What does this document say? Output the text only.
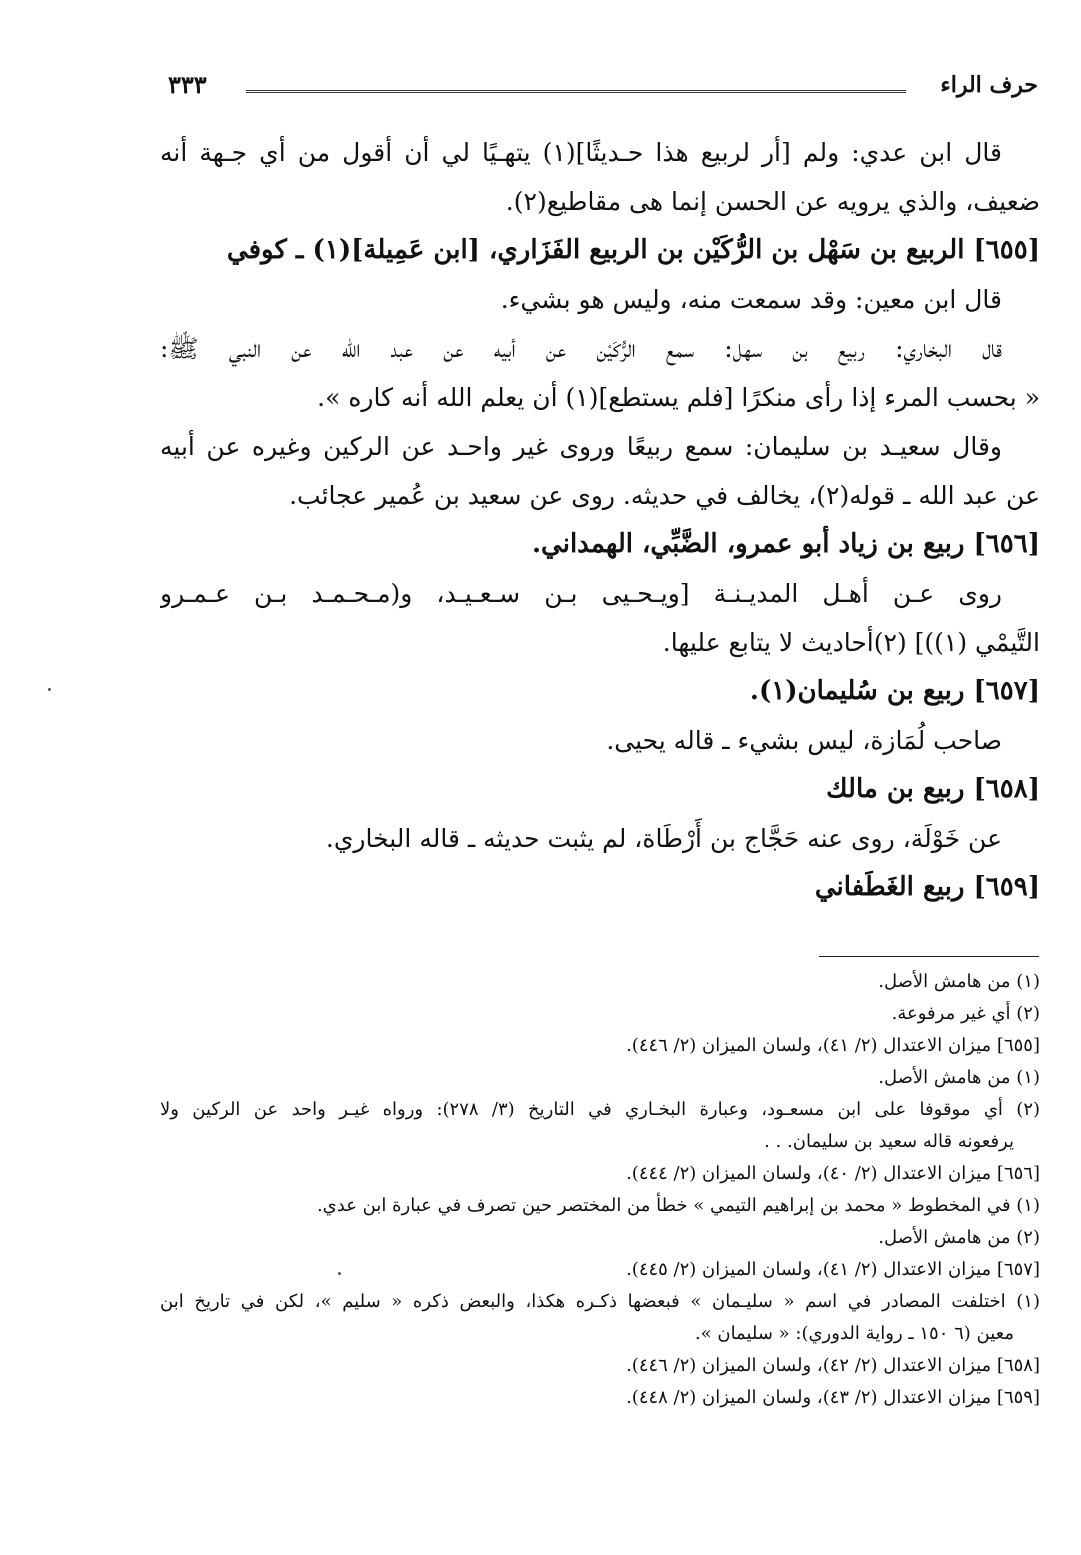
حرف الراء
٣٣٣
قال ابن عدي: ولم [أر لربيع هذا حـديثًا](١) يتهـيًا لي أن أقول من أي جـهة أنه
ضعيف، والذي يرويه عن الحسن إنما هى مقاطيع(٢).
[٦٥٥] الربيع بن سَهْل بن الرُّكَيْن بن الربيع الفَزَاري، [ابن عَمِيلة](١) ـ كوفي
قال ابن معين: وقد سمعت منه، وليس هو بشيء.
قال البخاري: ربيع بن سهل: سمع الرُّكَيْن عن أبيه عن عبد الله عن النبي ﷺ:
« بحسب المرء إذا رأى منكرًا [فلم يستطع](١) أن يعلم الله أنه كاره ».
وقال سعيـد بن سليمان: سمع ربيعًا وروى غير واحـد عن الركين وغيره عن أبيه
عن عبد الله ـ قوله(٢)، يخالف في حديثه. روى عن سعيد بن عُمير عجائب.
[٦٥٦] ربيع بن زياد أبو عمرو، الضَّبِّي، الهمداني.
روى عـن أهـل المديـنـة [ويـحـيى بـن سـعـيـد، و(مـحـمـد بـن عـمـرو
التَّيمْي (١))] (٢)أحاديث لا يتابع عليها.
[٦٥٧] ربيع بن سُليمان(١).
صاحب لُمَازة، ليس بشيء ـ قاله يحيى.
[٦٥٨] ربيع بن مالك
عن خَوْلَة، روى عنه حَجَّاج بن أَرْطَاة، لم يثبت حديثه ـ قاله البخاري.
[٦٥٩] ربيع الغَطَفاني
(١) من هامش الأصل.
(٢) أي غير مرفوعة.
[٦٥٥] ميزان الاعتدال (٢/ ٤١)، ولسان الميزان (٢/ ٤٤٦).
(١) من هامش الأصل.
(٢) أي موقوفا على ابن مسعـود، وعبارة البخـاري في التاريخ (٣/ ٢٧٨): ورواه غيـر واحد عن الركين ولا
يرفعونه قاله سعيد بن سليمان. . .
[٦٥٦] ميزان الاعتدال (٢/ ٤٠)، ولسان الميزان (٢/ ٤٤٤).
(١) في المخطوط « محمد بن إبراهيم التيمي » خطأ من المختصر حين تصرف في عبارة ابن عدي.
(٢) من هامش الأصل.
[٦٥٧] ميزان الاعتدال (٢/ ٤١)، ولسان الميزان (٢/ ٤٤٥).
(١) اختلفت المصادر في اسم « سليـمان » فبعضها ذكـره هكذا، والبعض ذكره « سليم »، لكن في تاريخ ابن
معين (٦ ١٥٠ ـ رواية الدوري): « سليمان ».
[٦٥٨] ميزان الاعتدال (٢/ ٤٢)، ولسان الميزان (٢/ ٤٤٦).
[٦٥٩] ميزان الاعتدال (٢/ ٤٣)، ولسان الميزان (٢/ ٤٤٨).
